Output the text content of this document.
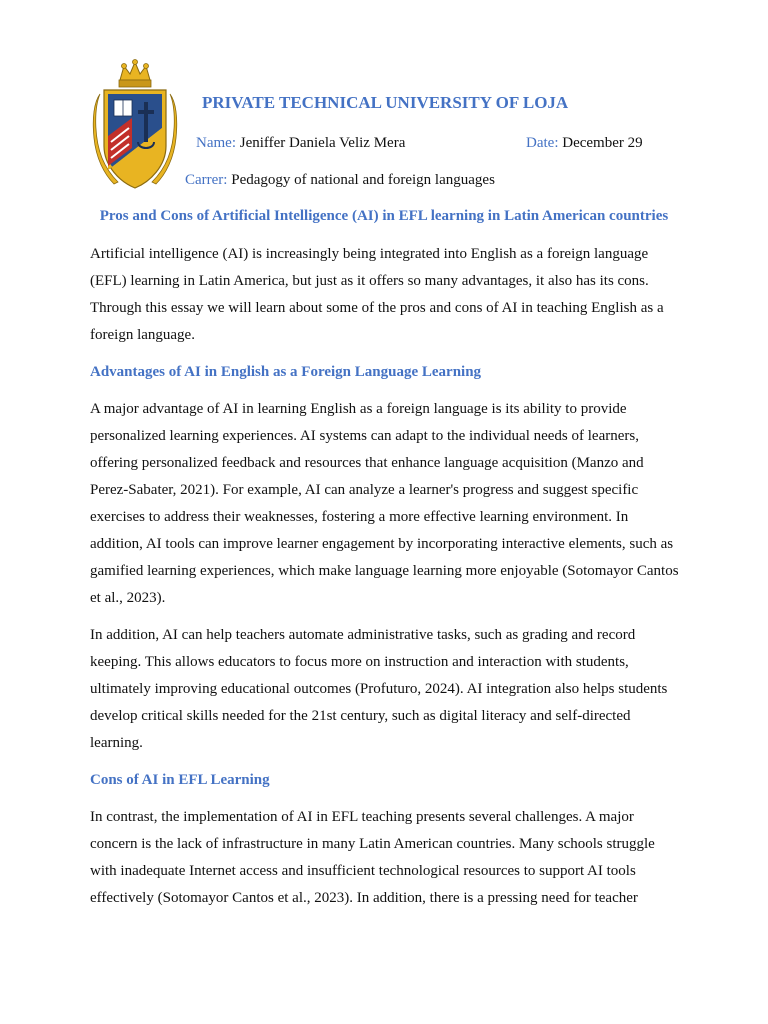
PRIVATE TECHNICAL UNIVERSITY OF LOJA
Name: Jeniffer Daniela Veliz Mera	Date: December 29
Carrer: Pedagogy of national and foreign languages
Pros and Cons of Artificial Intelligence (AI) in EFL learning in Latin American countries

Artificial intelligence (AI) is increasingly being integrated into English as a foreign language (EFL) learning in Latin America, but just as it offers so many advantages, it also has its cons. Through this essay we will learn about some of the pros and cons of AI in teaching English as a foreign language.

Advantages of AI in English as a Foreign Language Learning

A major advantage of AI in learning English as a foreign language is its ability to provide personalized learning experiences. AI systems can adapt to the individual needs of learners, offering personalized feedback and resources that enhance language acquisition (Manzo and Perez-Sabater, 2021). For example, AI can analyze a learner's progress and suggest specific exercises to address their weaknesses, fostering a more effective learning environment. In addition, AI tools can improve learner engagement by incorporating interactive elements, such as gamified learning experiences, which make language learning more enjoyable (Sotomayor Cantos et al., 2023).

In addition, AI can help teachers automate administrative tasks, such as grading and record keeping. This allows educators to focus more on instruction and interaction with students, ultimately improving educational outcomes (Profuturo, 2024). AI integration also helps students develop critical skills needed for the 21st century, such as digital literacy and self-directed learning.

Cons of AI in EFL Learning

In contrast, the implementation of AI in EFL teaching presents several challenges. A major concern is the lack of infrastructure in many Latin American countries. Many schools struggle with inadequate Internet access and insufficient technological resources to support AI tools effectively (Sotomayor Cantos et al., 2023). In addition, there is a pressing need for teacher
